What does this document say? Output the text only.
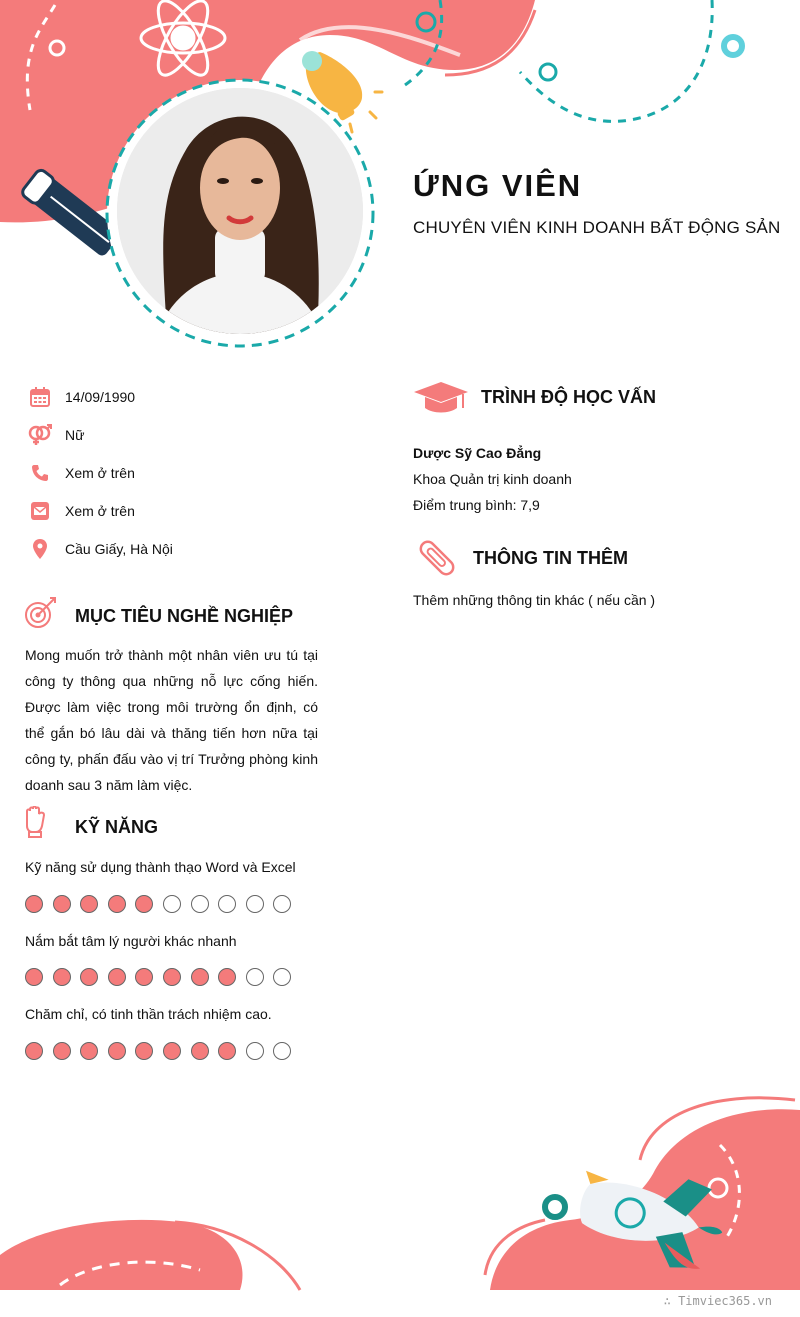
ỨNG VIÊN
CHUYÊN VIÊN KINH DOANH BẤT ĐỘNG SẢN
14/09/1990
Nữ
Xem ở trên
Xem ở trên
Cầu Giấy, Hà Nội
MỤC TIÊU NGHỀ NGHIỆP
Mong muốn trở thành một nhân viên ưu tú tại công ty thông qua những nỗ lực cống hiến. Được làm việc trong môi trường ổn định, có thể gắn bó lâu dài và thăng tiến hơn nữa tại công ty, phấn đấu vào vị trí Trưởng phòng kinh doanh sau 3 năm làm việc.
KỸ NĂNG
Kỹ năng sử dụng thành thạo Word và Excel
Nắm bắt tâm lý người khác nhanh
Chăm chỉ, có tinh thần trách nhiệm cao.
TRÌNH ĐỘ HỌC VẤN
Dược Sỹ Cao Đẳng
Khoa Quản trị kinh doanh
Điểm trung bình: 7,9
THÔNG TIN THÊM
Thêm những thông tin khác ( nếu cần )
∴ Timviec365.vn
